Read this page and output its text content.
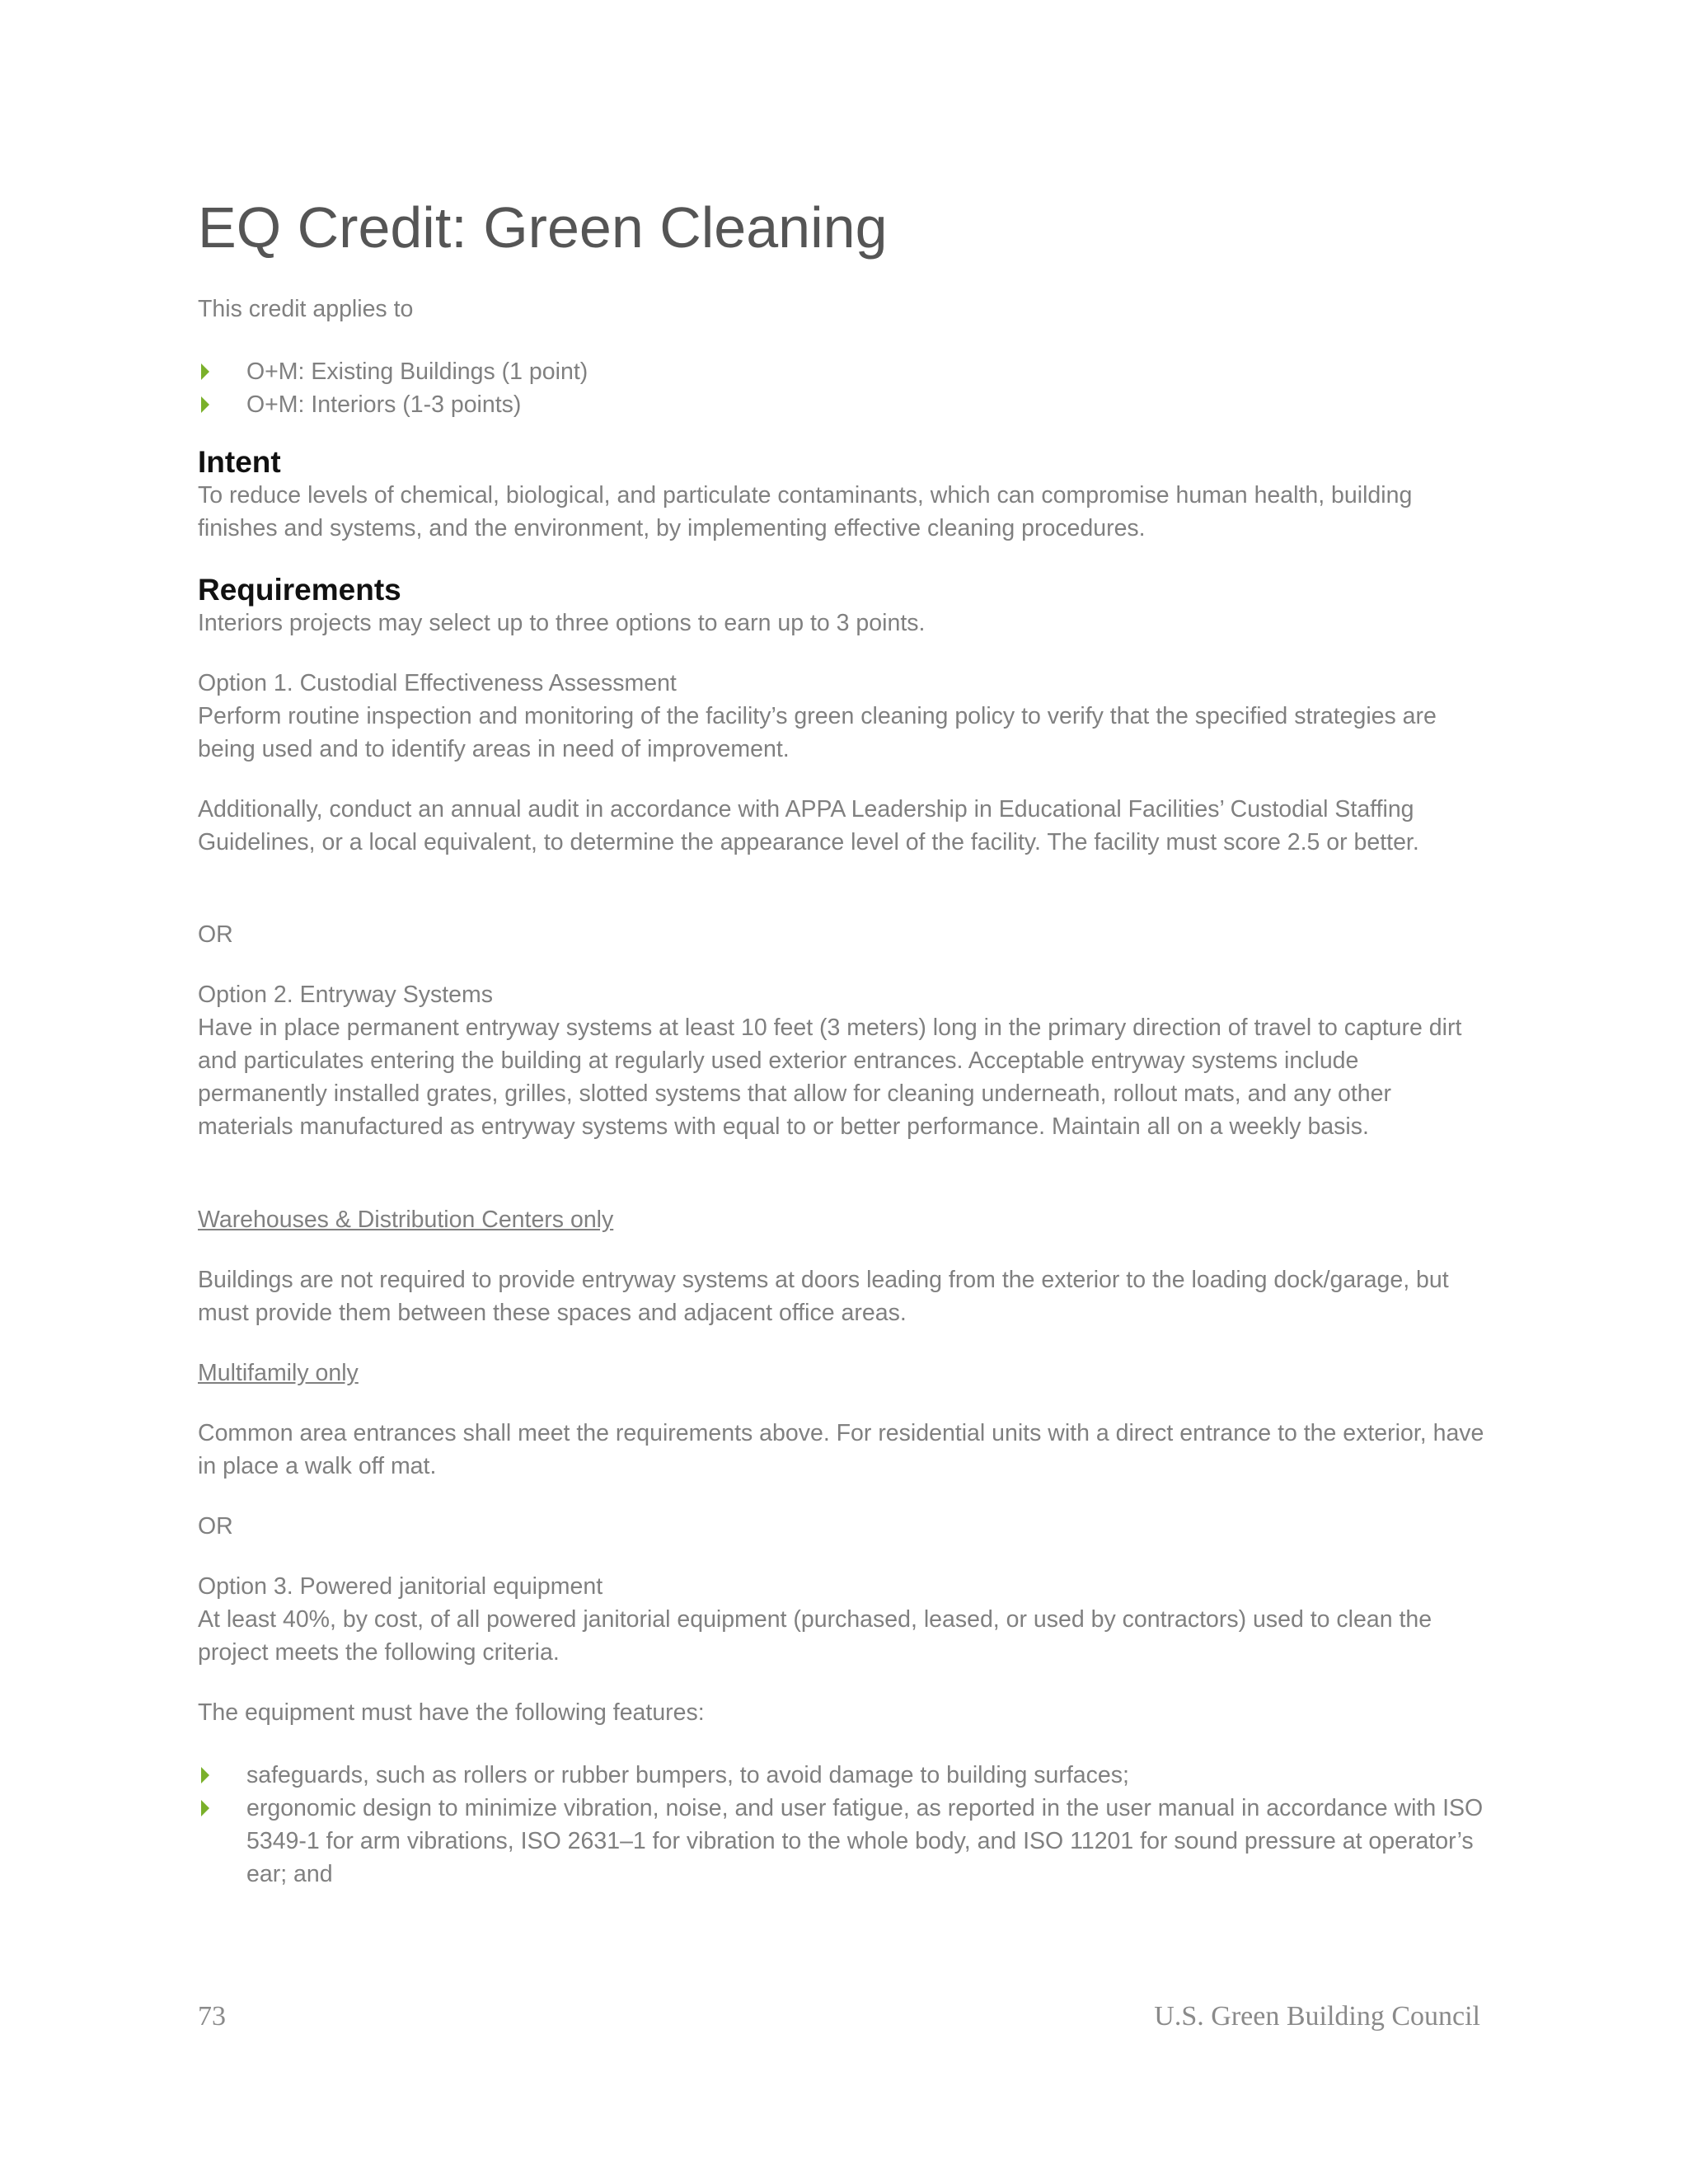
EQ Credit: Green Cleaning

This credit applies to

O+M: Existing Buildings (1 point)
O+M: Interiors (1-3 points)
Intent

To reduce levels of chemical, biological, and particulate contaminants, which can compromise human health, building finishes and systems, and the environment, by implementing effective cleaning procedures.

Requirements

Interiors projects may select up to three options to earn up to 3 points.

Option 1. Custodial Effectiveness Assessment

Perform routine inspection and monitoring of the facility’s green cleaning policy to verify that the specified strategies are being used and to identify areas in need of improvement.

Additionally, conduct an annual audit in accordance with APPA Leadership in Educational Facilities’ Custodial Staffing Guidelines, or a local equivalent, to determine the appearance level of the facility. The facility must score 2.5 or better.

OR

Option 2. Entryway Systems

Have in place permanent entryway systems at least 10 feet (3 meters) long in the primary direction of travel to capture dirt and particulates entering the building at regularly used exterior entrances. Acceptable entryway systems include permanently installed grates, grilles, slotted systems that allow for cleaning underneath, rollout mats, and any other materials manufactured as entryway systems with equal to or better performance. Maintain all on a weekly basis.

Warehouses & Distribution Centers only

Buildings are not required to provide entryway systems at doors leading from the exterior to the loading dock/garage, but must provide them between these spaces and adjacent office areas.

Multifamily only

Common area entrances shall meet the requirements above. For residential units with a direct entrance to the exterior, have in place a walk off mat.

OR

Option 3. Powered janitorial equipment

At least 40%, by cost, of all powered janitorial equipment (purchased, leased, or used by contractors) used to clean the project meets the following criteria.

The equipment must have the following features:

safeguards, such as rollers or rubber bumpers, to avoid damage to building surfaces;
ergonomic design to minimize vibration, noise, and user fatigue, as reported in the user manual in accordance with ISO 5349-1 for arm vibrations, ISO 2631–1 for vibration to the whole body, and ISO 11201 for sound pressure at operator’s ear; and
73	U.S. Green Building Council
